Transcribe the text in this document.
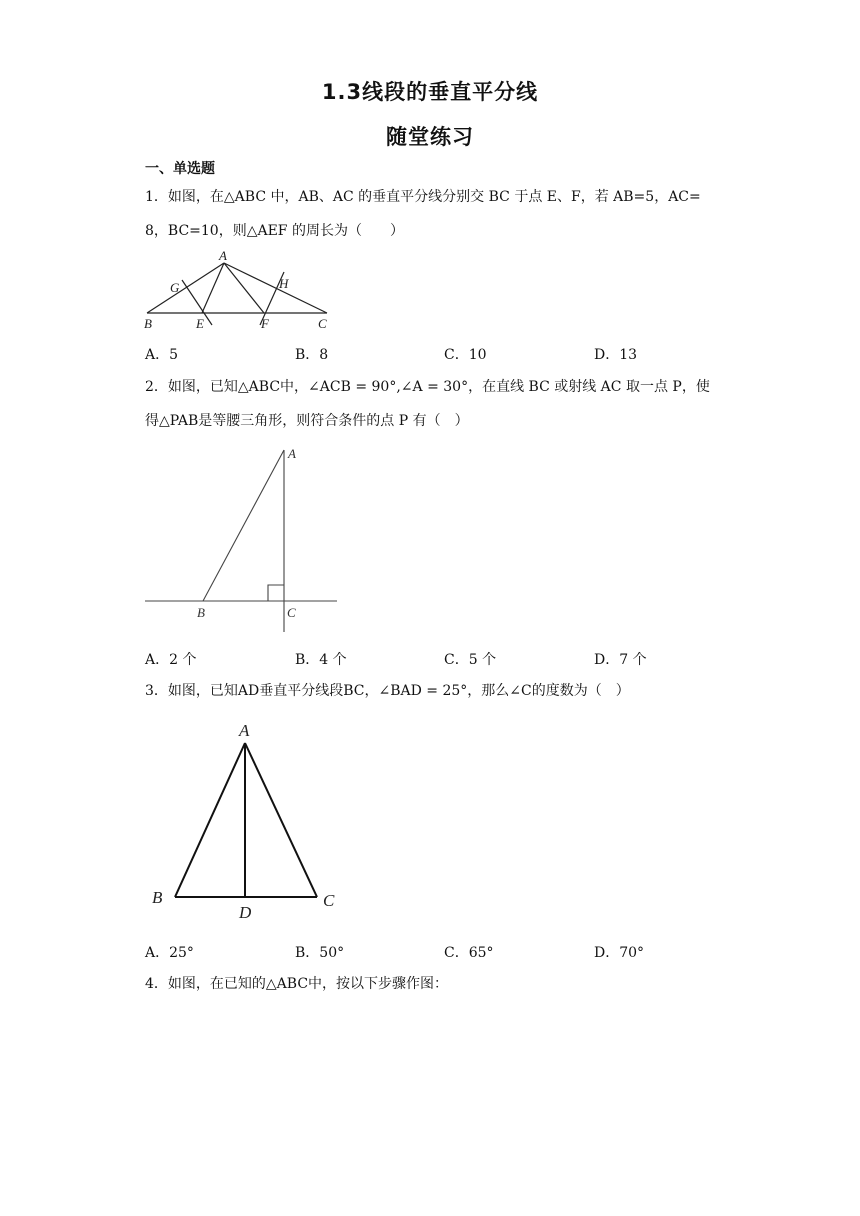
1.3线段的垂直平分线
随堂练习
一、单选题
1．如图，在△ABC 中，AB、AC 的垂直平分线分别交 BC 于点 E、F，若 AB=5，AC=
8，BC=10，则△AEF 的周长为（　　）
A
B	E	F	C
G	H
A．5	B．8	C．10	D．13
2．如图，已知△ABC中，∠ACB = 90°,∠A = 30°，在直线 BC 或射线 AC 取一点 P，使
得△PAB是等腰三角形，则符合条件的点 P 有（　）
A
B	C
A．2 个	B．4 个	C．5 个	D．7 个
3．如图，已知AD垂直平分线段BC，∠BAD = 25°，那么∠C的度数为（　）
A
B
D
C
A．25°	B．50°	C．65°	D．70°
4．如图，在已知的△ABC中，按以下步骤作图：
